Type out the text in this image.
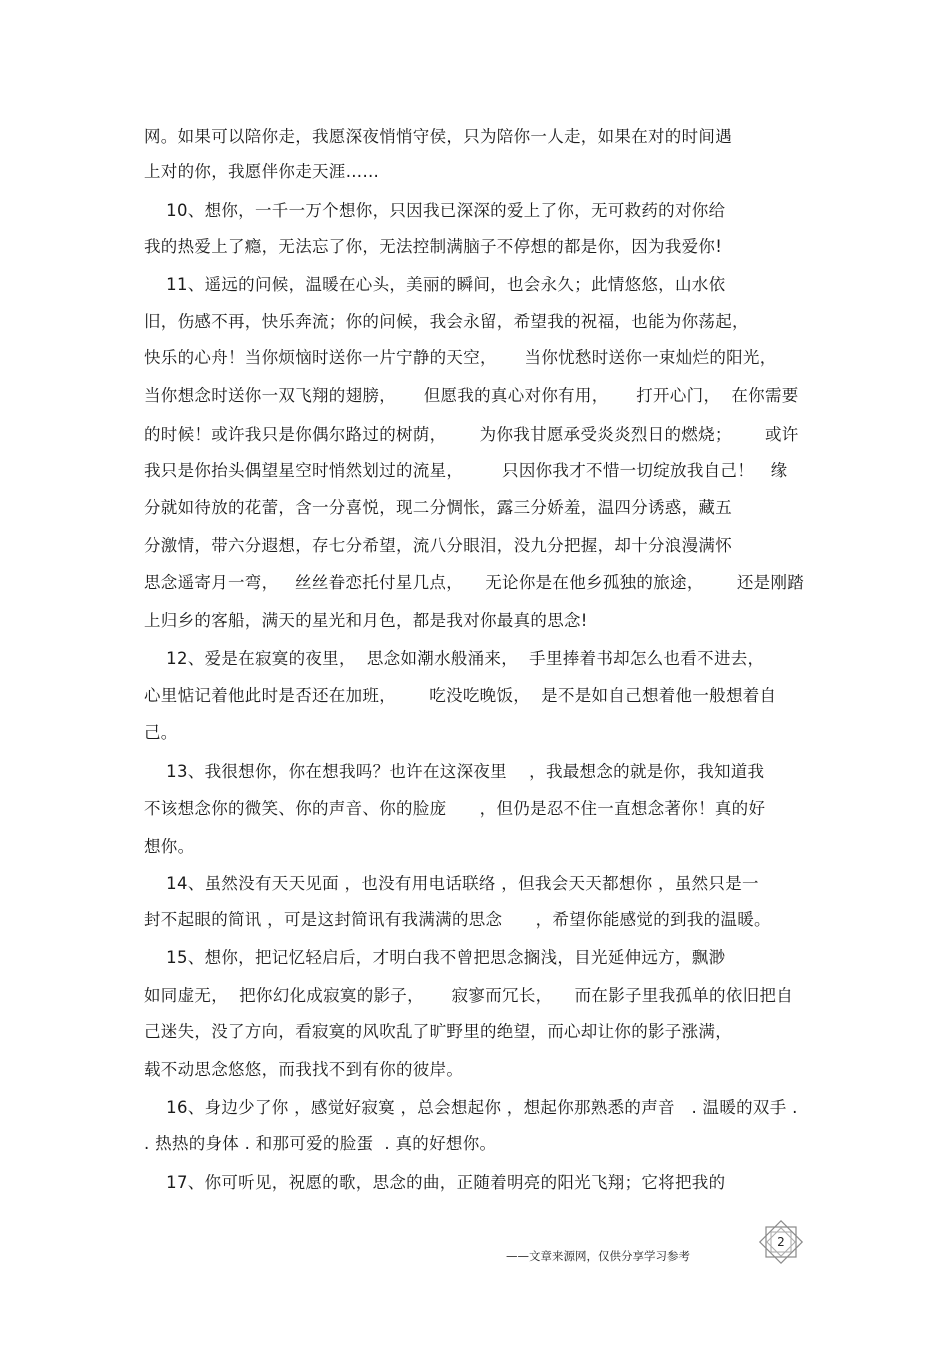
网。如果可以陪你走，我愿深夜悄悄守侯，只为陪你一人走，如果在对的时间遇
上对的你，我愿伴你走天涯……
10、想你，一千一万个想你，只因我已深深的爱上了你，无可救药的对你给
我的热爱上了瘾，无法忘了你，无法控制满脑子不停想的都是你，因为我爱你!
11、遥远的问候，温暖在心头，美丽的瞬间，也会永久；此情悠悠，山水依
旧，伤感不再，快乐奔流；你的问候，我会永留，希望我的祝福，也能为你荡起，
快乐的心舟！当你烦恼时送你一片宁静的天空，     当你忧愁时送你一束灿烂的阳光，
当你想念时送你一双飞翔的翅膀，     但愿我的真心对你有用，     打开心门，  在你需要
的时候！或许我只是你偶尔路过的树荫，      为你我甘愿承受炎炎烈日的燃烧；      或许
我只是你抬头偶望星空时悄然划过的流星，       只因你我才不惜一切绽放我自己！   缘
分就如待放的花蕾，含一分喜悦，现二分惆怅，露三分娇羞，温四分诱惑，藏五
分激情，带六分遐想，存七分希望，流八分眼泪，没九分把握，却十分浪漫满怀
思念遥寄月一弯，   丝丝眷恋托付星几点，    无论你是在他乡孤独的旅途，      还是刚踏
上归乡的客船，满天的星光和月色，都是我对你最真的思念!
12、爱是在寂寞的夜里，  思念如潮水般涌来，  手里捧着书却怎么也看不进去，
心里惦记着他此时是否还在加班，      吃没吃晚饭，  是不是如自己想着他一般想着自
己。
13、我很想你，你在想我吗？也许在这深夜里    ，我最想念的就是你，我知道我
不该想念你的微笑、你的声音、你的脸庞      ，但仍是忍不住一直想念著你！真的好
想你。
14、虽然没有天天见面 ，也没有用电话联络 ，但我会天天都想你 ，虽然只是一
封不起眼的简讯 ，可是这封简讯有我满满的思念      ，希望你能感觉的到我的温暖。
15、想你，把记忆轻启后，才明白我不曾把思念搁浅，目光延伸远方，飘渺
如同虚无，  把你幻化成寂寞的影子，     寂寥而冗长，    而在影子里我孤单的依旧把自
己迷失，没了方向，看寂寞的风吹乱了旷野里的绝望，而心却让你的影子涨满，
载不动思念悠悠，而我找不到有你的彼岸。
16、身边少了你 ，感觉好寂寞 ，总会想起你 ，想起你那熟悉的声音   . 温暖的双手 .
. 热热的身体 . 和那可爱的脸蛋  . 真的好想你。
17、你可听见，祝愿的歌，思念的曲，正随着明亮的阳光飞翔；它将把我的
——文章来源网，仅供分享学习参考
2
